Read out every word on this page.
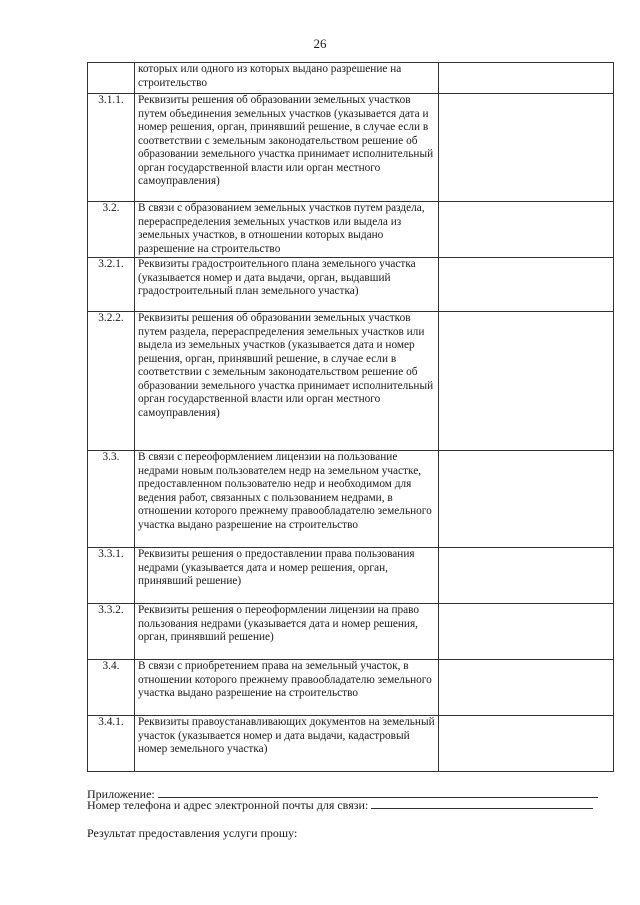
26
	которых или одного из которых выдано разрешение на строительство	
3.1.1.	Реквизиты решения об образовании земельных участков путем объединения земельных участков (указывается дата и номер решения, орган, принявший решение, в случае если в соответствии с земельным законодательством решение об образовании земельного участка принимает исполнительный орган государственной власти или орган местного самоуправления)	
3.2.	В связи с образованием земельных участков путем раздела, перераспределения земельных участков или выдела из земельных участков, в отношении которых выдано разрешение на строительство	
3.2.1.	Реквизиты градостроительного плана земельного участка (указывается номер и дата выдачи, орган, выдавший градостроительный план земельного участка)	
3.2.2.	Реквизиты решения об образовании земельных участков путем раздела, перераспределения земельных участков или выдела из земельных участков (указывается дата и номер решения, орган, принявший решение, в случае если в соответствии с земельным законодательством решение об образовании земельного участка принимает исполнительный орган государственной власти или орган местного самоуправления)	
3.3.	В связи с переоформлением лицензии на пользование недрами новым пользователем недр на земельном участке, предоставленном пользователю недр и необходимом для ведения работ, связанных с пользованием недрами, в отношении которого прежнему правообладателю земельного участка выдано разрешение на строительство	
3.3.1.	Реквизиты решения о предоставлении права пользования недрами (указывается дата и номер решения, орган, принявший решение)	
3.3.2.	Реквизиты решения о переоформлении лицензии на право пользования недрами (указывается дата и номер решения, орган, принявший решение)	
3.4.	В связи с приобретением права на земельный участок, в отношении которого прежнему правообладателю земельного участка выдано разрешение на строительство	
3.4.1.	Реквизиты правоустанавливающих документов на земельный участок (указывается номер и дата выдачи, кадастровый номер земельного участка)	
Приложение:
Номер телефона и адрес электронной почты для связи:
Результат предоставления услуги прошу:
